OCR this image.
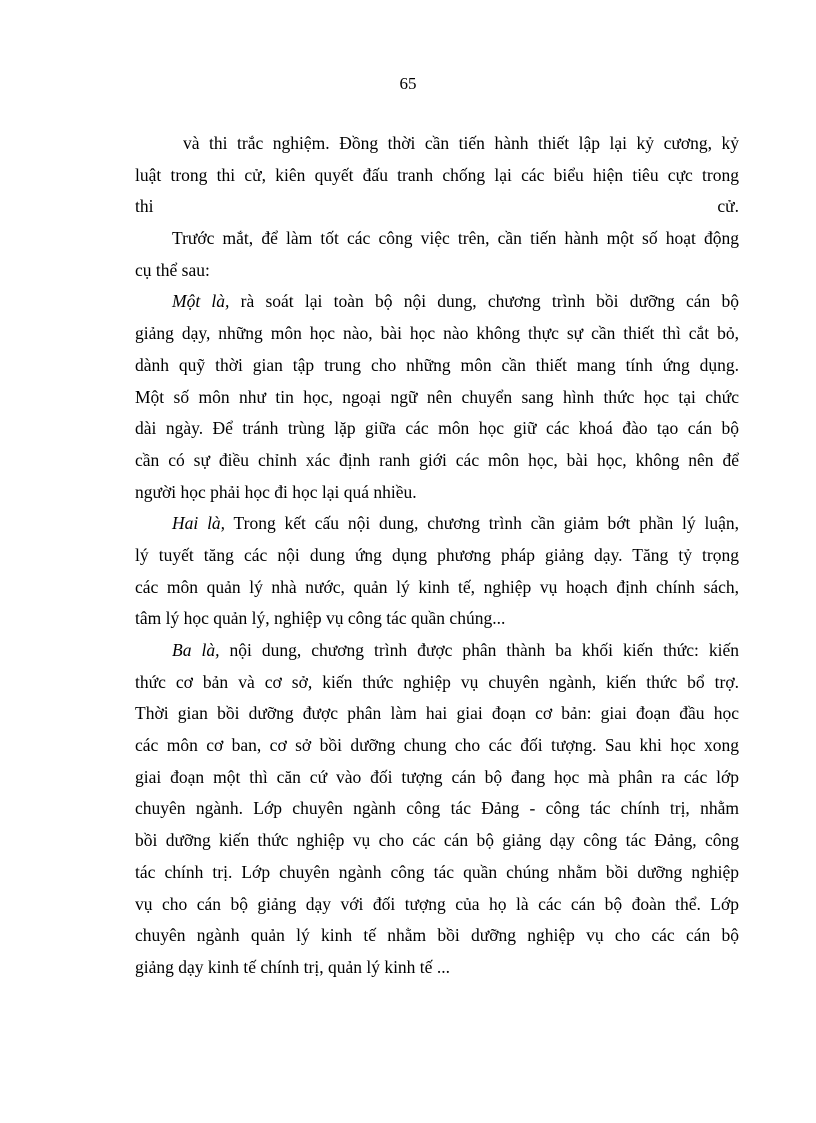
65
và thi trắc nghiệm. Đồng thời cần tiến hành thiết lập lại kỷ cương, kỷ
luật trong thi cử, kiên quyết đấu tranh chống lại các biểu hiện tiêu cực trong
thi cử.
Trước mắt, để làm tốt các công việc trên, cần tiến hành một số hoạt động
cụ thể sau:
Một là, rà soát lại toàn bộ nội dung, chương trình bồi dưỡng cán bộ
giảng dạy, những môn học nào, bài học nào không thực sự cần thiết thì cắt bỏ,
dành quỹ thời gian tập trung cho những môn cần thiết mang tính ứng dụng.
Một số môn như tin học, ngoại ngữ nên chuyển sang hình thức học tại chức
dài ngày. Để tránh trùng lặp giữa các môn học giữ các khoá đào tạo cán bộ
cần có sự điều chỉnh xác định ranh giới các môn học, bài học, không nên để
người học phải học đi học lại quá nhiều.
Hai là, Trong kết cấu nội dung, chương trình cần giảm bớt phần lý luận,
lý tuyết tăng các nội dung ứng dụng phương pháp giảng dạy. Tăng tỷ trọng
các môn quản lý nhà nước, quản lý kinh tế, nghiệp vụ hoạch định chính sách,
tâm lý học quản lý, nghiệp vụ công tác quần chúng...
Ba là, nội dung, chương trình được phân thành ba khối kiến thức: kiến
thức cơ bản và cơ sở, kiến thức nghiệp vụ chuyên ngành, kiến thức bổ trợ.
Thời gian bồi dưỡng được phân làm hai giai đoạn cơ bản: giai đoạn đầu học
các môn cơ ban, cơ sở bồi dưỡng chung cho các đối tượng. Sau khi học xong
giai đoạn một thì căn cứ vào đối tượng cán bộ đang học mà phân ra các lớp
chuyên ngành. Lớp chuyên ngành công tác Đảng - công tác chính trị, nhằm
bồi dưỡng kiến thức nghiệp vụ cho các cán bộ giảng dạy công tác Đảng, công
tác chính trị. Lớp chuyên ngành công tác quần chúng nhằm bồi dưỡng nghiệp
vụ cho cán bộ giảng dạy với đối tượng của họ là các cán bộ đoàn thể. Lớp
chuyên ngành quản lý kinh tế nhằm bồi dưỡng nghiệp vụ cho các cán bộ
giảng dạy kinh tế chính trị, quản lý kinh tế ...
